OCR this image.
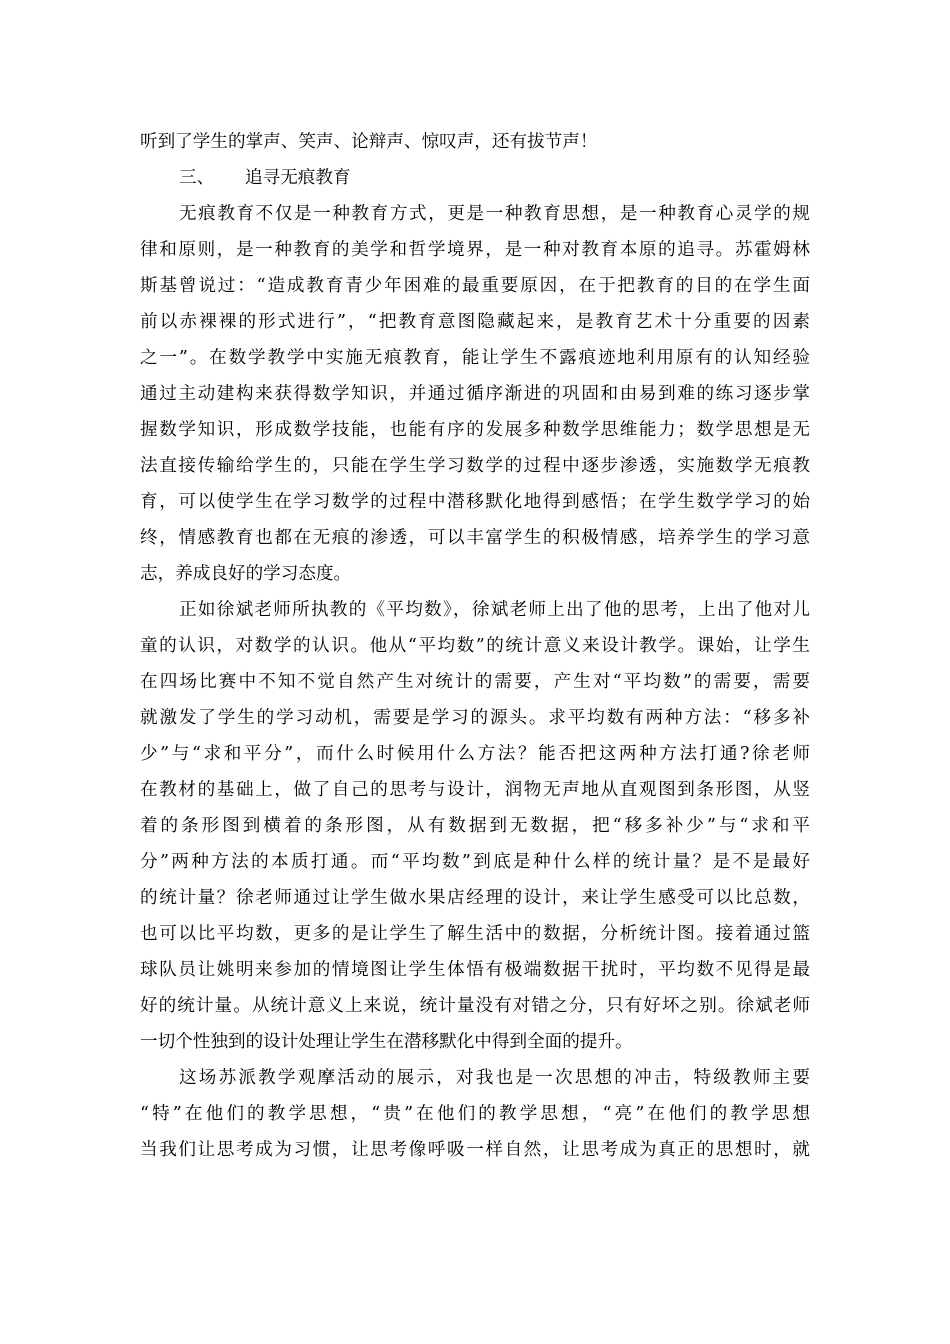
听到了学生的掌声、笑声、论辩声、惊叹声，还有拔节声！
三、 追寻无痕教育
无痕教育不仅是一种教育方式，更是一种教育思想，是一种教育心灵学的规
律和原则，是一种教育的美学和哲学境界，是一种对教育本原的追寻。苏霍姆林
斯基曾说过：“造成教育青少年困难的最重要原因，在于把教育的目的在学生面
前以赤裸裸的形式进行”，“把教育意图隐藏起来，是教育艺术十分重要的因素
之一”。在数学教学中实施无痕教育，能让学生不露痕迹地利用原有的认知经验
通过主动建构来获得数学知识，并通过循序渐进的巩固和由易到难的练习逐步掌
握数学知识，形成数学技能，也能有序的发展多种数学思维能力；数学思想是无
法直接传输给学生的，只能在学生学习数学的过程中逐步渗透，实施数学无痕教
育，可以使学生在学习数学的过程中潜移默化地得到感悟；在学生数学学习的始
终，情感教育也都在无痕的渗透，可以丰富学生的积极情感，培养学生的学习意
志，养成良好的学习态度。
正如徐斌老师所执教的《平均数》，徐斌老师上出了他的思考，上出了他对儿
童的认识，对数学的认识。他从“平均数”的统计意义来设计教学。课始，让学生
在四场比赛中不知不觉自然产生对统计的需要，产生对“平均数”的需要，需要
就激发了学生的学习动机，需要是学习的源头。求平均数有两种方法：“移多补
少”与“求和平分”，而什么时候用什么方法？能否把这两种方法打通?徐老师
在教材的基础上，做了自己的思考与设计，润物无声地从直观图到条形图，从竖
着的条形图到横着的条形图，从有数据到无数据，把“移多补少”与“求和平
分”两种方法的本质打通。而“平均数”到底是种什么样的统计量？是不是最好
的统计量？徐老师通过让学生做水果店经理的设计，来让学生感受可以比总数，
也可以比平均数，更多的是让学生了解生活中的数据，分析统计图。接着通过篮
球队员让姚明来参加的情境图让学生体悟有极端数据干扰时，平均数不见得是最
好的统计量。从统计意义上来说，统计量没有对错之分，只有好坏之别。徐斌老师
一切个性独到的设计处理让学生在潜移默化中得到全面的提升。
这场苏派教学观摩活动的展示，对我也是一次思想的冲击，特级教师主要
“特”在他们的教学思想，“贵”在他们的教学思想，“亮”在他们的教学思想
当我们让思考成为习惯，让思考像呼吸一样自然，让思考成为真正的思想时，就
